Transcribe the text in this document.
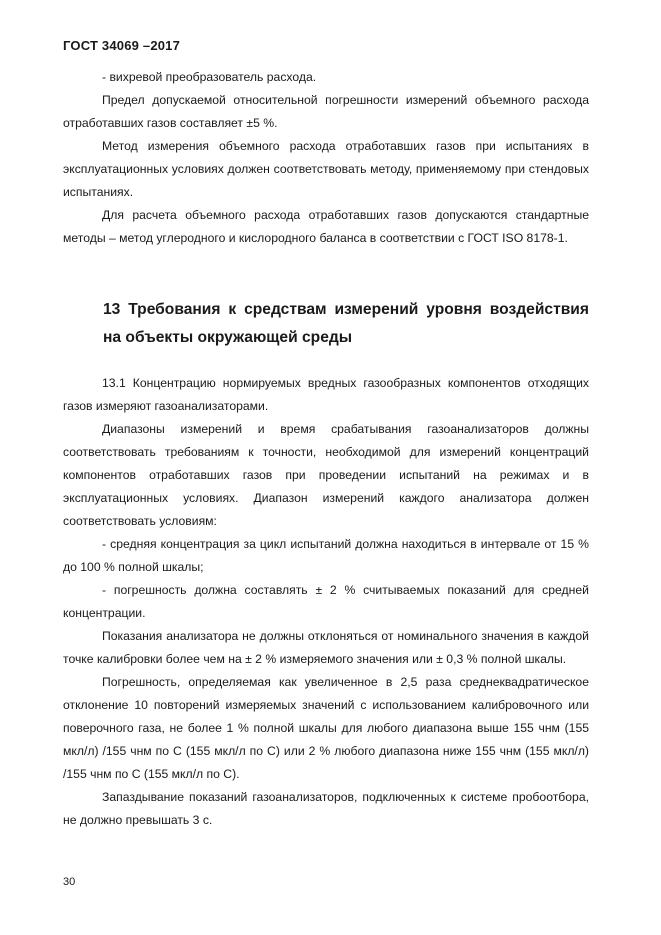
ГОСТ 34069 –2017

- вихревой преобразователь расхода.

Предел допускаемой относительной погрешности измерений объемного расхода отработавших газов составляет ±5 %.

Метод измерения объемного расхода отработавших газов при испытаниях в эксплуатационных условиях должен соответствовать методу, применяемому при стендовых испытаниях.

Для расчета объемного расхода отработавших газов допускаются стандартные методы – метод углеродного и кислородного баланса в соответствии с ГОСТ ISO 8178-1.

13 Требования к средствам измерений уровня воздействия на объекты окружающей среды

13.1 Концентрацию нормируемых вредных газообразных компонентов отходящих газов измеряют газоанализаторами.

Диапазоны измерений и время срабатывания газоанализаторов должны соответствовать требованиям к точности, необходимой для измерений концентраций компонентов отработавших газов при проведении испытаний на режимах и в эксплуатационных условиях. Диапазон измерений каждого анализатора должен соответствовать условиям:

- средняя концентрация за цикл испытаний должна находиться в интервале от 15 % до 100 % полной шкалы;

- погрешность должна составлять ± 2 % считываемых показаний для средней концентрации.

Показания анализатора не должны отклоняться от номинального значения в каждой точке калибровки более чем на ± 2 % измеряемого значения или ± 0,3 % полной шкалы.

Погрешность, определяемая как увеличенное в 2,5 раза среднеквадратическое отклонение 10 повторений измеряемых значений с использованием калибровочного или поверочного газа, не более 1 % полной шкалы для любого диапазона выше 155 чнм (155 мкл/л) /155 чнм по С (155 мкл/л по С) или 2 % любого диапазона ниже 155 чнм (155 мкл/л) /155 чнм по С (155 мкл/л по С).

Запаздывание показаний газоанализаторов, подключенных к системе пробоотбора, не должно превышать 3 с.

30
